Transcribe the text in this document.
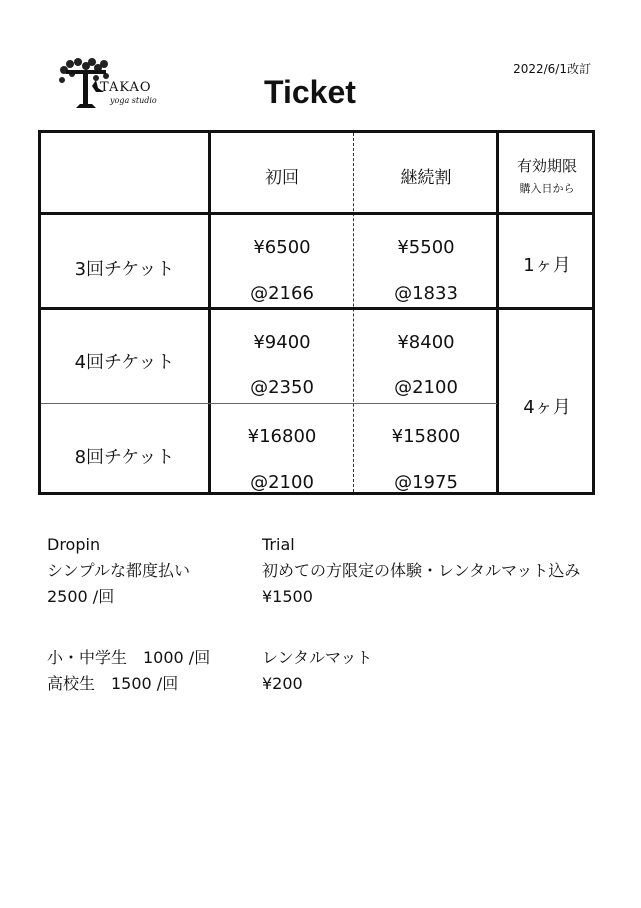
TAKAO
yoga studio
2022/6/1改訂
Ticket
初回	継続割
有効期限
購入日から
3回チケット
¥6500
@2166
¥5500
@1833
1ヶ月
4回チケット
¥9400
@2350
¥8400
@2100
4ヶ月
8回チケット
¥16800
@2100
¥15800
@1975
Dropin
シンプルな都度払い
2500 /回
Trial
初めての方限定の体験・レンタルマット込み
¥1500
小・中学生　1000 /回
高校生　1500 /回
レンタルマット
¥200
